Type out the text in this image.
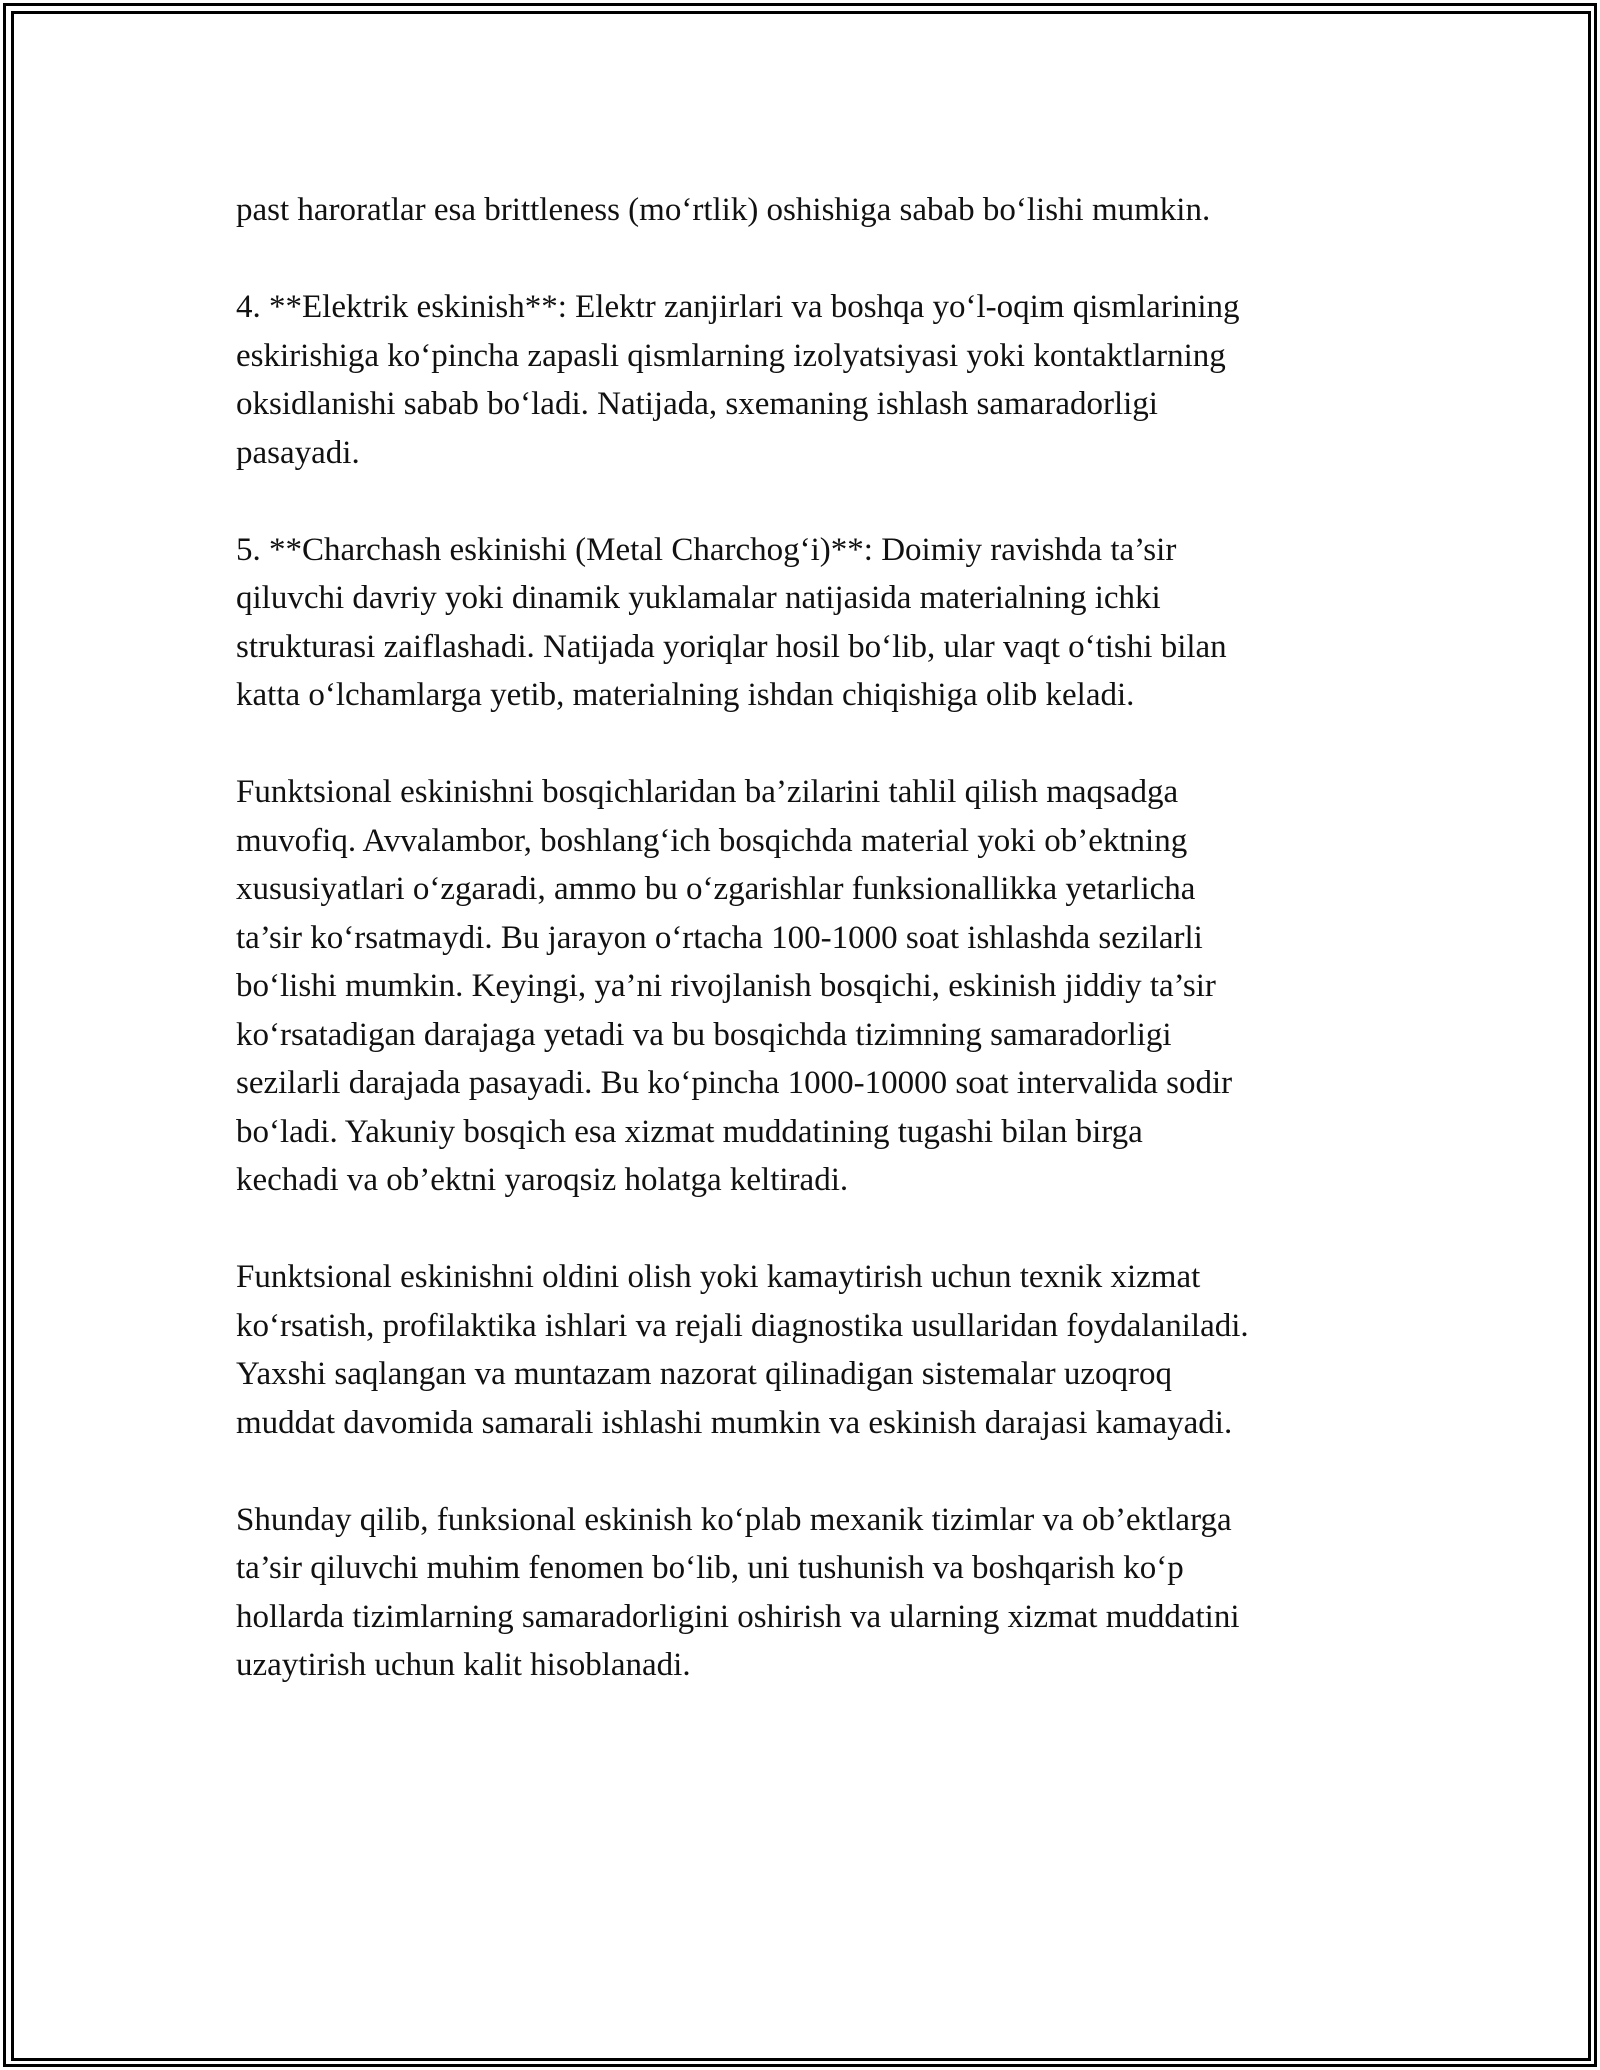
past haroratlar esa brittleness (mo‘rtlik) oshishiga sabab bo‘lishi mumkin.

4. **Elektrik eskinish**: Elektr zanjirlari va boshqa yo‘l-oqim qismlarining
eskirishiga ko‘pincha zapasli qismlarning izolyatsiyasi yoki kontaktlarning
oksidlanishi sabab bo‘ladi. Natijada, sxemaning ishlash samaradorligi
pasayadi.

5. **Charchash eskinishi (Metal Charchog‘i)**: Doimiy ravishda ta’sir
qiluvchi davriy yoki dinamik yuklamalar natijasida materialning ichki
strukturasi zaiflashadi. Natijada yoriqlar hosil bo‘lib, ular vaqt o‘tishi bilan
katta o‘lchamlarga yetib, materialning ishdan chiqishiga olib keladi.

Funktsional eskinishni bosqichlaridan ba’zilarini tahlil qilish maqsadga
muvofiq. Avvalambor, boshlang‘ich bosqichda material yoki ob’ektning
xususiyatlari o‘zgaradi, ammo bu o‘zgarishlar funksionallikka yetarlicha
ta’sir ko‘rsatmaydi. Bu jarayon o‘rtacha 100-1000 soat ishlashda sezilarli
bo‘lishi mumkin. Keyingi, ya’ni rivojlanish bosqichi, eskinish jiddiy ta’sir
ko‘rsatadigan darajaga yetadi va bu bosqichda tizimning samaradorligi
sezilarli darajada pasayadi. Bu ko‘pincha 1000-10000 soat intervalida sodir
bo‘ladi. Yakuniy bosqich esa xizmat muddatining tugashi bilan birga
kechadi va ob’ektni yaroqsiz holatga keltiradi.

Funktsional eskinishni oldini olish yoki kamaytirish uchun texnik xizmat
ko‘rsatish, profilaktika ishlari va rejali diagnostika usullaridan foydalaniladi.
Yaxshi saqlangan va muntazam nazorat qilinadigan sistemalar uzoqroq
muddat davomida samarali ishlashi mumkin va eskinish darajasi kamayadi.

Shunday qilib, funksional eskinish ko‘plab mexanik tizimlar va ob’ektlarga
ta’sir qiluvchi muhim fenomen bo‘lib, uni tushunish va boshqarish ko‘p
hollarda tizimlarning samaradorligini oshirish va ularning xizmat muddatini
uzaytirish uchun kalit hisoblanadi.
